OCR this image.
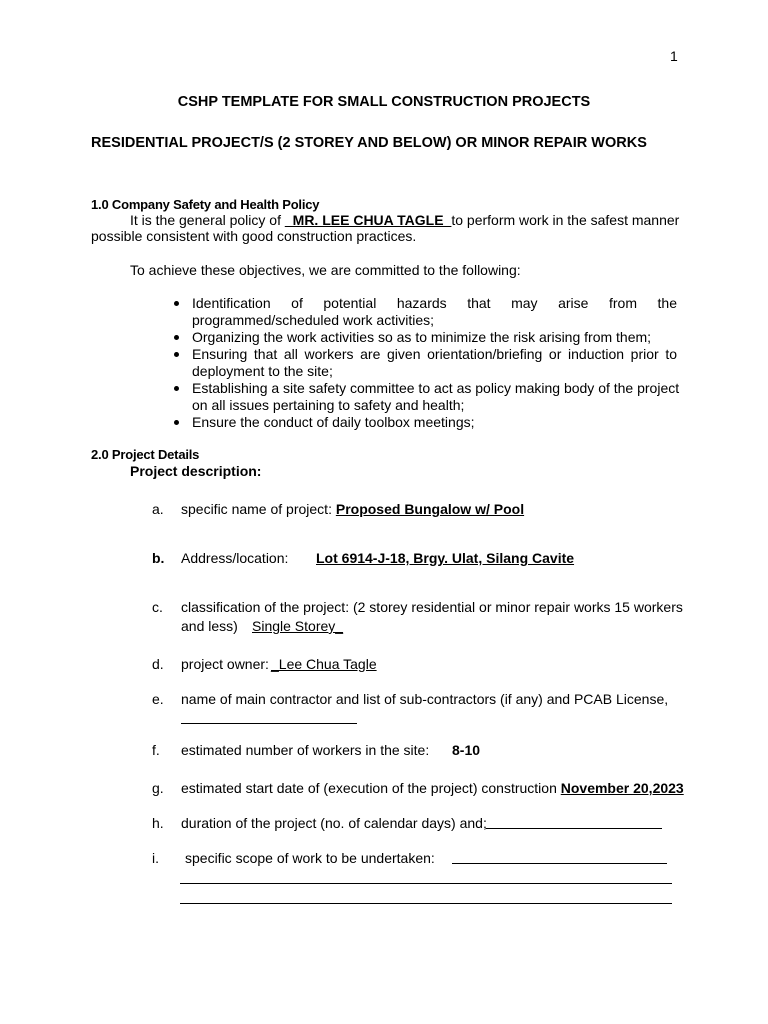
1
CSHP TEMPLATE FOR SMALL CONSTRUCTION PROJECTS
RESIDENTIAL PROJECT/S (2 STOREY AND BELOW) OR MINOR REPAIR WORKS
1.0 Company Safety and Health Policy
It is the general policy of _MR. LEE CHUA TAGLE_to perform work in the safest manner
possible consistent with good construction practices.
To achieve these objectives, we are committed to the following:
Identification of potential hazards that may arise from the
programmed/scheduled work activities;
Organizing the work activities so as to minimize the risk arising from them;
Ensuring that all workers are given orientation/briefing or induction prior to
deployment to the site;
Establishing a site safety committee to act as policy making body of the project
on all issues pertaining to safety and health;
Ensure the conduct of daily toolbox meetings;
2.0 Project Details
Project description:
a. specific name of project: Proposed Bungalow w/ Pool
b. Address/location: Lot 6914-J-18, Brgy. Ulat, Silang Cavite
c. classification of the project: (2 storey residential or minor repair works 15 workers
and less) Single Storey_
d. project owner: _Lee Chua Tagle
e. name of main contractor and list of sub-contractors (if any) and PCAB License,
f. estimated number of workers in the site: 8-10
g. estimated start date of (execution of the project) construction November 20,2023
h. duration of the project (no. of calendar days) and;
i. specific scope of work to be undertaken:
